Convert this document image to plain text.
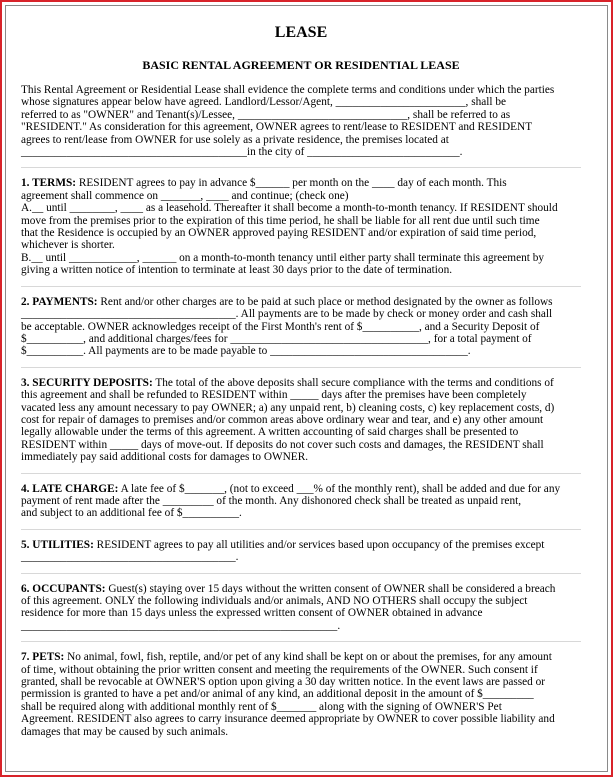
LEASE
BASIC RENTAL AGREEMENT OR RESIDENTIAL LEASE
This Rental Agreement or Residential Lease shall evidence the complete terms and conditions under which the parties
whose signatures appear below have agreed. Landlord/Lessor/Agent, _______________________, shall be
referred to as "OWNER" and Tenant(s)/Lessee, ______________________________, shall be referred to as
"RESIDENT." As consideration for this agreement, OWNER agrees to rent/lease to RESIDENT and RESIDENT
agrees to rent/lease from OWNER for use solely as a private residence, the premises located at
________________________________________in the city of ___________________________.
1. TERMS: RESIDENT agrees to pay in advance $______ per month on the ____ day of each month. This
agreement shall commence on _______, ____ and continue; (check one)
A.__ until ________, ____ as a leasehold. Thereafter it shall become a month-to-month tenancy. If RESIDENT should
move from the premises prior to the expiration of this time period, he shall be liable for all rent due until such time
that the Residence is occupied by an OWNER approved paying RESIDENT and/or expiration of said time period,
whichever is shorter.
B.__ until ____________, ______ on a month-to-month tenancy until either party shall terminate this agreement by
giving a written notice of intention to terminate at least 30 days prior to the date of termination.
2. PAYMENTS: Rent and/or other charges are to be paid at such place or method designated by the owner as follows
______________________________________. All payments are to be made by check or money order and cash shall
be acceptable. OWNER acknowledges receipt of the First Month's rent of $__________, and a Security Deposit of
$__________, and additional charges/fees for ___________________________________, for a total payment of
$__________. All payments are to be made payable to ___________________________________.
3. SECURITY DEPOSITS: The total of the above deposits shall secure compliance with the terms and conditions of
this agreement and shall be refunded to RESIDENT within _____ days after the premises have been completely
vacated less any amount necessary to pay OWNER; a) any unpaid rent, b) cleaning costs, c) key replacement costs, d)
cost for repair of damages to premises and/or common areas above ordinary wear and tear, and e) any other amount
legally allowable under the terms of this agreement. A written accounting of said charges shall be presented to
RESIDENT within _____ days of move-out. If deposits do not cover such costs and damages, the RESIDENT shall
immediately pay said additional costs for damages to OWNER.
4. LATE CHARGE: A late fee of $_______, (not to exceed ___% of the monthly rent), shall be added and due for any
payment of rent made after the _________ of the month. Any dishonored check shall be treated as unpaid rent,
and subject to an additional fee of $__________.
5. UTILITIES: RESIDENT agrees to pay all utilities and/or services based upon occupancy of the premises except
______________________________________.
6. OCCUPANTS: Guest(s) staying over 15 days without the written consent of OWNER shall be considered a breach
of this agreement. ONLY the following individuals and/or animals, AND NO OTHERS shall occupy the subject
residence for more than 15 days unless the expressed written consent of OWNER obtained in advance
________________________________________________________.
7. PETS: No animal, fowl, fish, reptile, and/or pet of any kind shall be kept on or about the premises, for any amount
of time, without obtaining the prior written consent and meeting the requirements of the OWNER. Such consent if
granted, shall be revocable at OWNER'S option upon giving a 30 day written notice. In the event laws are passed or
permission is granted to have a pet and/or animal of any kind, an additional deposit in the amount of $_________
shall be required along with additional monthly rent of $_______ along with the signing of OWNER'S Pet
Agreement. RESIDENT also agrees to carry insurance deemed appropriate by OWNER to cover possible liability and
damages that may be caused by such animals.
